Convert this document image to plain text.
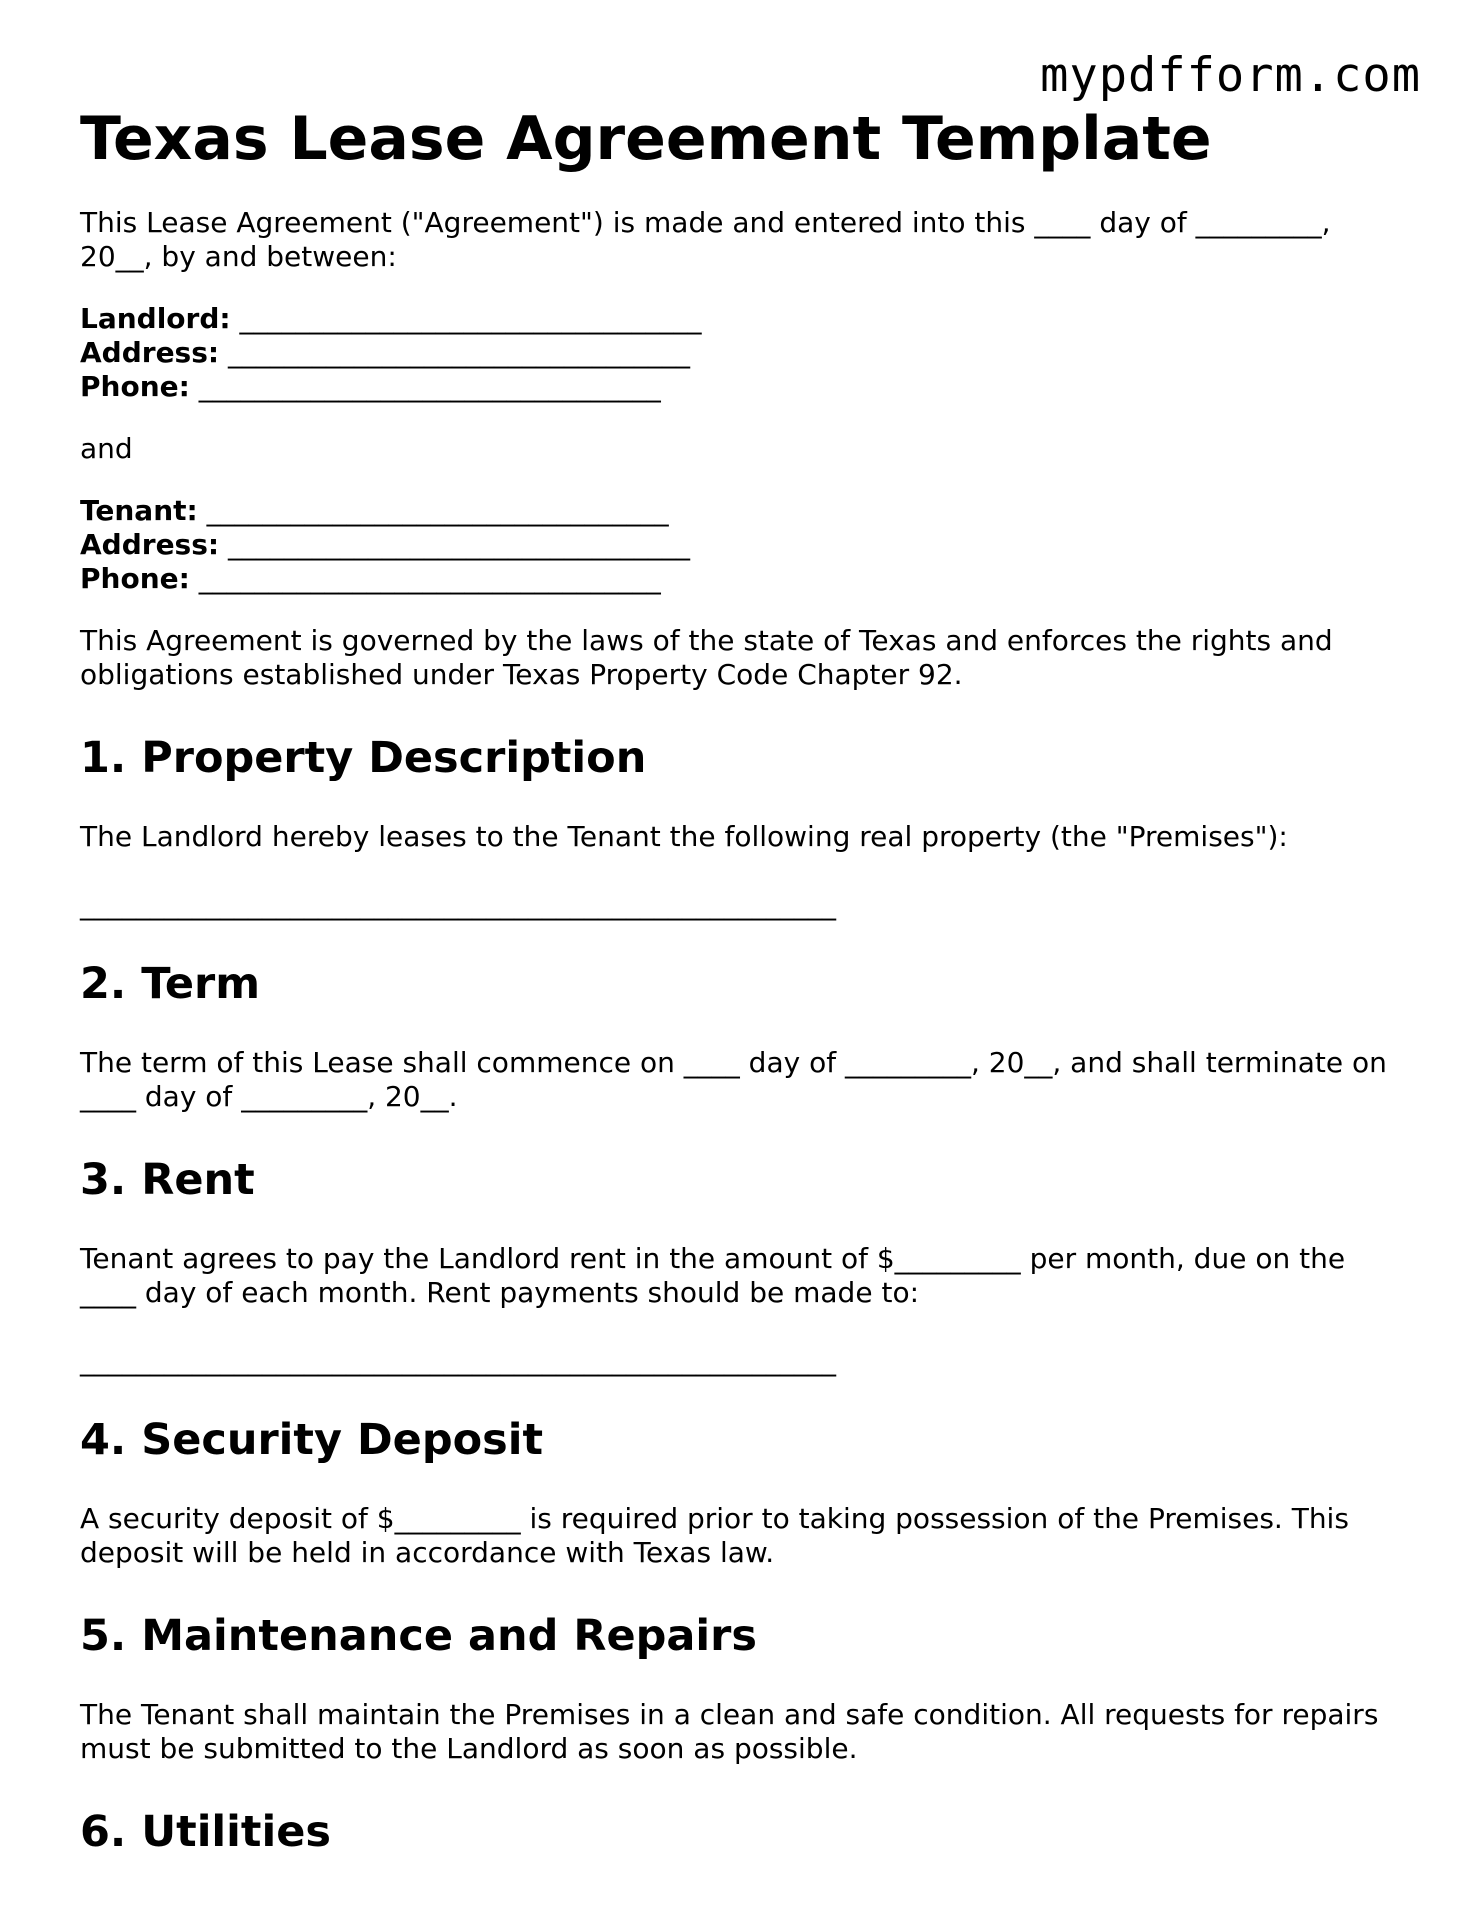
mypdfform.com
Texas Lease Agreement Template

This Lease Agreement ("Agreement") is made and entered into this ____ day of _________, 20__, by and between:

Landlord: _________________________________

Address: _________________________________

Phone: _________________________________

and

Tenant: _________________________________

Address: _________________________________

Phone: _________________________________

This Agreement is governed by the laws of the state of Texas and enforces the rights and obligations established under Texas Property Code Chapter 92.

1. Property Description

The Landlord hereby leases to the Tenant the following real property (the "Premises"):

______________________________________________________

2. Term

The term of this Lease shall commence on ____ day of _________, 20__, and shall terminate on ____ day of _________, 20__.

3. Rent

Tenant agrees to pay the Landlord rent in the amount of $_________ per month, due on the ____ day of each month. Rent payments should be made to:

______________________________________________________

4. Security Deposit

A security deposit of $_________ is required prior to taking possession of the Premises. This deposit will be held in accordance with Texas law.

5. Maintenance and Repairs

The Tenant shall maintain the Premises in a clean and safe condition. All requests for repairs must be submitted to the Landlord as soon as possible.

6. Utilities
